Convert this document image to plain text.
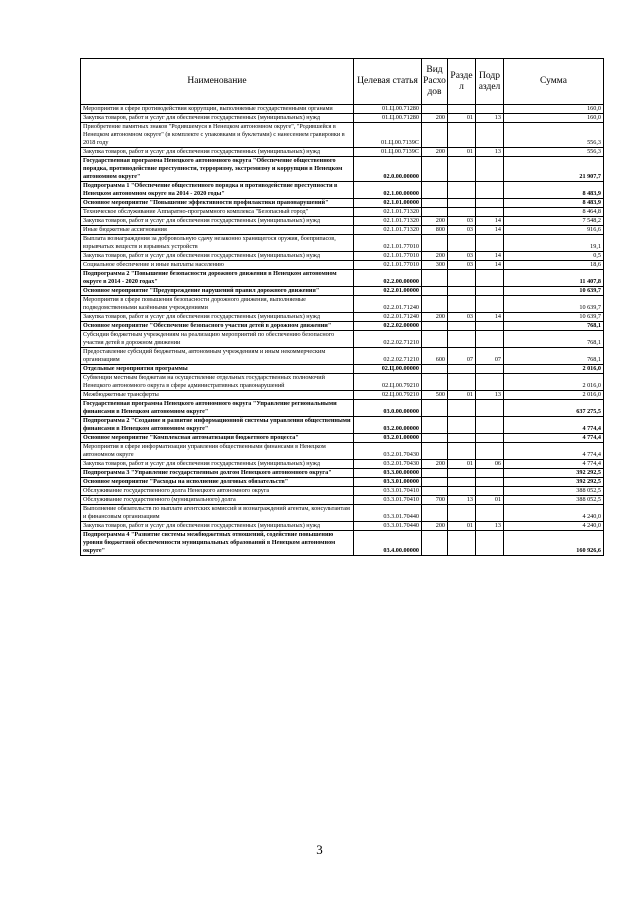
Наименование	Целевая статья	Вид Расхо дов	Разде л	Подр аздел	Сумма
Мероприятия в сфере противодействия коррупции, выполняемые государственными органами	01.Ц.00.71280				160,0
Закупка товаров, работ и услуг для обеспечения государственных (муниципальных) нужд	01.Ц.00.71280	200	01	13	160,0
Приобретение памятных знаков "Родившемуся в Ненецком автономном округе", "Родившейся в Ненецком автономном округе" (в комплекте с упаковками и буклетами) с нанесением гравировки в 2018 году	01.Ц.00.7139С				556,3
Закупка товаров, работ и услуг для обеспечения государственных (муниципальных) нужд	01.Ц.00.7139С	200	01	13	556,3
Государственная программа Ненецкого автономного округа "Обеспечение общественного порядка, противодействие преступности, терроризму, экстремизму и коррупции в Ненецком автономном округе"	02.0.00.00000				21 907,7
Подпрограмма 1 "Обеспечение общественного порядка и противодействие преступности в Ненецком автономном округе на 2014 - 2020 годы"	02.1.00.00000				8 483,9
Основное мероприятие "Повышение эффективности профилактики правонарушений"	02.1.01.00000				8 483,9
Техническое обслуживание Аппаратно-программного комплекса "Безопасный город"	02.1.01.71320				8 464,8
Закупка товаров, работ и услуг для обеспечения государственных (муниципальных) нужд	02.1.01.71320	200	03	14	7 548,2
Иные бюджетные ассигнования	02.1.01.71320	800	03	14	916,6
Выплата вознаграждения за добровольную сдачу незаконно хранящегося оружия, боеприпасов, взрывчатых веществ и взрывных устройств	02.1.01.77010				19,1
Закупка товаров, работ и услуг для обеспечения государственных (муниципальных) нужд	02.1.01.77010	200	03	14	0,5
Социальное обеспечение и иные выплаты населению	02.1.01.77010	300	03	14	18,6
Подпрограмма 2 "Повышение безопасности дорожного движения в Ненецком автономном округе в 2014 - 2020 годах"	02.2.00.00000				11 407,8
Основное мероприятие "Предупреждение нарушений правил дорожного движения"	02.2.01.00000				10 639,7
Мероприятия в сфере повышения безопасности дорожного движения, выполняемые подведомственными казёнными учреждениями	02.2.01.71240				10 639,7
Закупка товаров, работ и услуг для обеспечения государственных (муниципальных) нужд	02.2.01.71240	200	03	14	10 639,7
Основное мероприятие "Обеспечение безопасного участия детей в дорожном движении"	02.2.02.00000				768,1
Субсидии бюджетным учреждениям на реализацию мероприятий по обеспечению безопасного участия детей в дорожном движении	02.2.02.71210				768,1
Предоставление субсидий бюджетным, автономным учреждениям и иным некоммерческим организациям	02.2.02.71210	600	07	07	768,1
Отдельные мероприятия программы	02.Ц.00.00000				2 016,0
Субвенции местным бюджетам на осуществление отдельных государственных полномочий Ненецкого автономного округа в сфере административных правонарушений	02.Ц.00.79210				2 016,0
Межбюджетные трансферты	02.Ц.00.79210	500	01	13	2 016,0
Государственная программа Ненецкого автономного округа "Управление региональными финансами в Ненецком автономном округе"	03.0.00.00000				637 275,5
Подпрограмма 2 "Создание и развитие информационной системы управления общественными финансами в Ненецком автономном округе"	03.2.00.00000				4 774,4
Основное мероприятие "Комплексная автоматизация бюджетного процесса"	03.2.01.00000				4 774,4
Мероприятия в сфере информатизации управления общественными финансами в Ненецком автономном округе	03.2.01.70430				4 774,4
Закупка товаров, работ и услуг для обеспечения государственных (муниципальных) нужд	03.2.01.70430	200	01	06	4 774,4
Подпрограмма 3 "Управление государственным долгом Ненецкого автономного округа"	03.3.00.00000				392 292,5
Основное мероприятие "Расходы на исполнение долговых обязательств"	03.3.01.00000				392 292,5
Обслуживание государственного долга Ненецкого автономного округа	03.3.01.70410				388 052,5
Обслуживание государственного (муниципального) долга	03.3.01.70410	700	13	01	388 052,5
Выполнение обязательств по выплате агентских комиссий и вознаграждений агентам, консультантам и финансовым организациям	03.3.01.70440				4 240,0
Закупка товаров, работ и услуг для обеспечения государственных (муниципальных) нужд	03.3.01.70440	200	01	13	4 240,0
Подпрограмма 4 "Развитие системы межбюджетных отношений, содействие повышению уровня бюджетной обеспеченности муниципальных образований в Ненецком автономном округе"	03.4.00.00000				160 926,6
3
